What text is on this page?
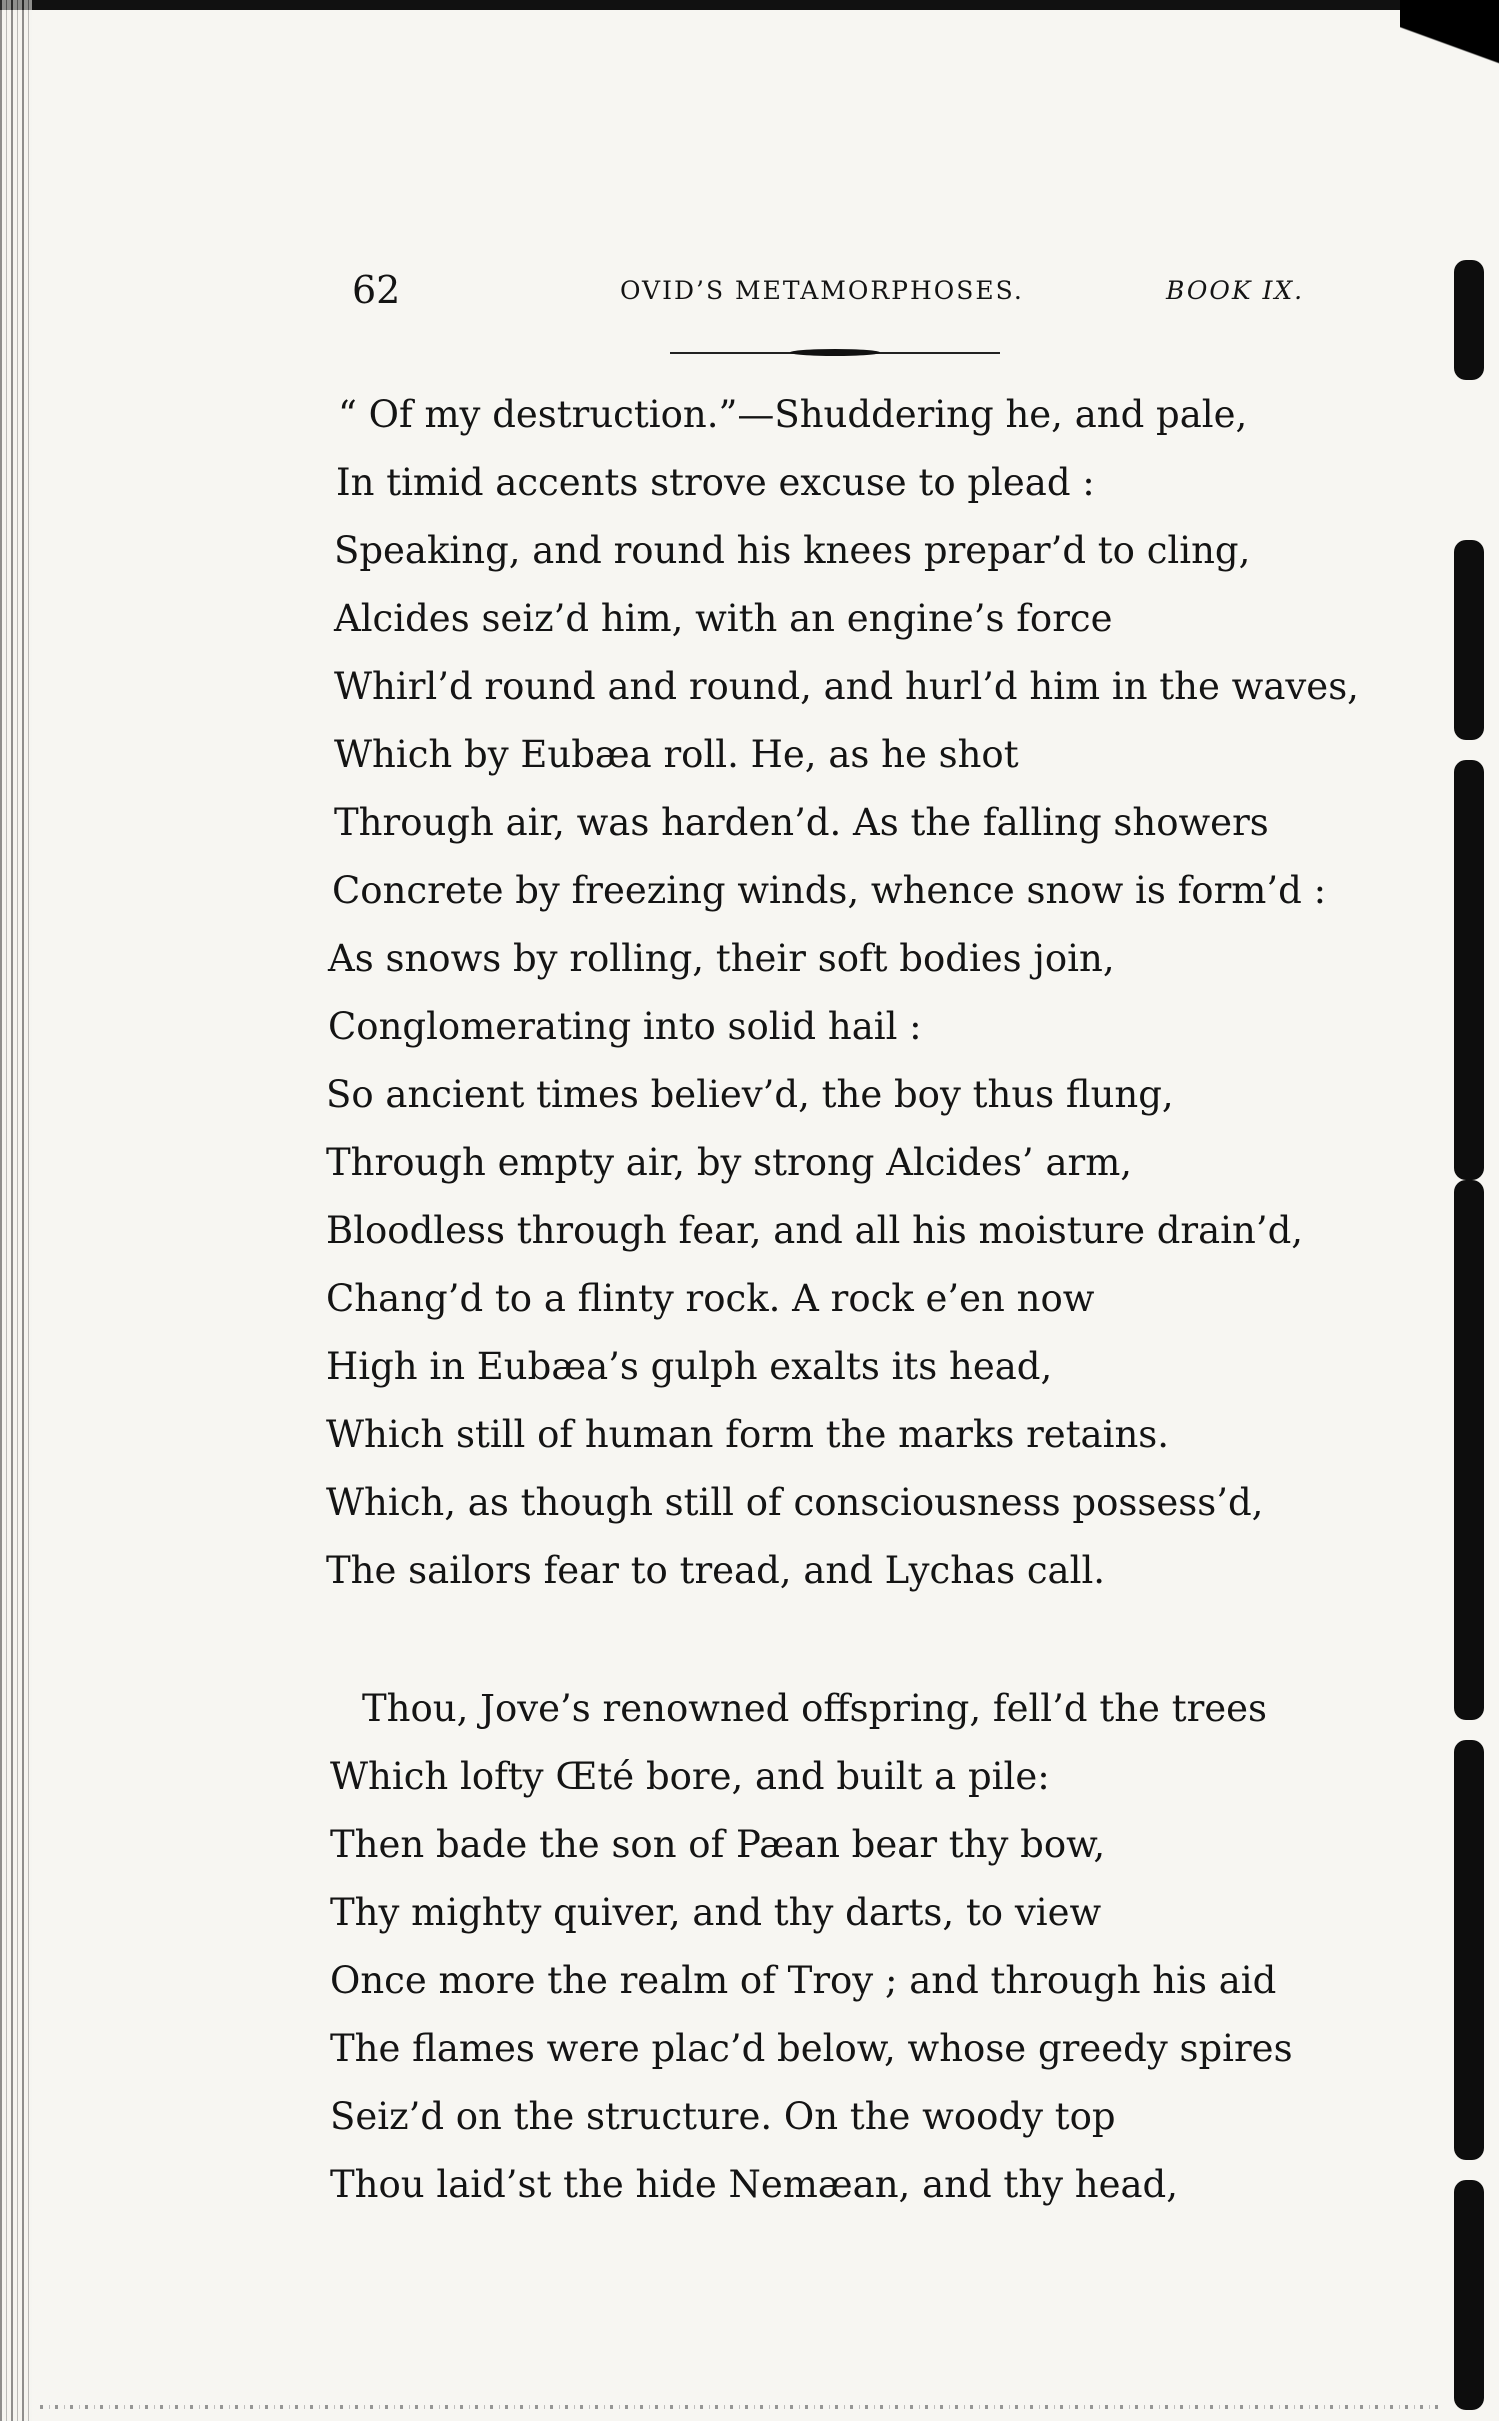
62	OVID’S METAMORPHOSES.	BOOK IX.
“ Of my destruction.”—Shuddering he, and pale,
In timid accents strove excuse to plead :
Speaking, and round his knees prepar’d to cling,
Alcides seiz’d him, with an engine’s force
Whirl’d round and round, and hurl’d him in the waves,
Which by Eubæa roll. He, as he shot
Through air, was harden’d. As the falling showers
Concrete by freezing winds, whence snow is form’d :
As snows by rolling, their soft bodies join,
Conglomerating into solid hail :
So ancient times believ’d, the boy thus flung,
Through empty air, by strong Alcides’ arm,
Bloodless through fear, and all his moisture drain’d,
Chang’d to a flinty rock. A rock e’en now
High in Eubæa’s gulph exalts its head,
Which still of human form the marks retains.
Which, as though still of consciousness possess’d,
The sailors fear to tread, and Lychas call.
Thou, Jove’s renowned offspring, fell’d the trees
Which lofty Œté bore, and built a pile:
Then bade the son of Pæan bear thy bow,
Thy mighty quiver, and thy darts, to view
Once more the realm of Troy ; and through his aid
The flames were plac’d below, whose greedy spires
Seiz’d on the structure. On the woody top
Thou laid’st the hide Nemæan, and thy head,
